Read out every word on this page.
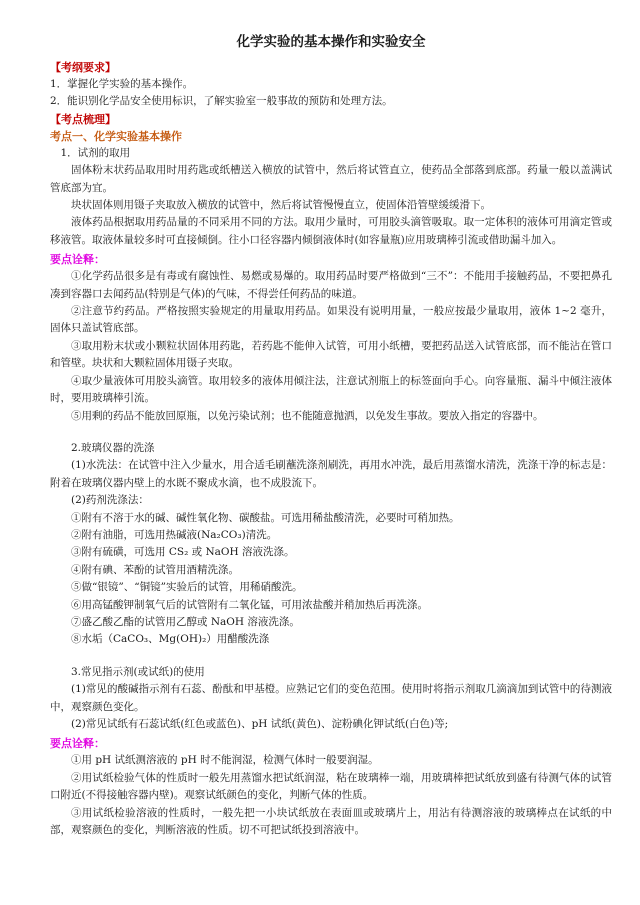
化学实验的基本操作和实验安全
【考纲要求】

1．掌握化学实验的基本操作。

2．能识别化学品安全使用标识，了解实验室一般事故的预防和处理方法。

【考点梳理】
考点一、化学实验基本操作

1．试剂的取用

固体粉末状药品取用时用药匙或纸槽送入横放的试管中，然后将试管直立，使药品全部落到底部。药量一般以盖满试管底部为宜。

块状固体则用镊子夹取放入横放的试管中，然后将试管慢慢直立，使固体沿管壁缓缓滑下。

液体药品根据取用药品量的不同采用不同的方法。取用少量时，可用胶头滴管吸取。取一定体积的液体可用滴定管或移液管。取液体量较多时可直接倾倒。往小口径容器内倾倒液体时(如容量瓶)应用玻璃棒引流或借助漏斗加入。

要点诠释：

①化学药品很多是有毒或有腐蚀性、易燃或易爆的。取用药品时要严格做到“三不”：不能用手接触药品，不要把鼻孔凑到容器口去闻药品(特别是气体)的气味，不得尝任何药品的味道。

②注意节约药品。严格按照实验规定的用量取用药品。如果没有说明用量，一般应按最少量取用，液体 1~2 毫升，固体只盖试管底部。

③取用粉末状或小颗粒状固体用药匙，若药匙不能伸入试管，可用小纸槽，要把药品送入试管底部，而不能沾在管口和管壁。块状和大颗粒固体用镊子夹取。

④取少量液体可用胶头滴管。取用较多的液体用倾注法，注意试剂瓶上的标签面向手心。向容量瓶、漏斗中倾注液体时，要用玻璃棒引流。

⑤用剩的药品不能放回原瓶，以免污染试剂；也不能随意抛洒，以免发生事故。要放入指定的容器中。

2.玻璃仪器的洗涤

(1)水洗法：在试管中注入少量水，用合适毛刷蘸洗涤剂刷洗，再用水冲洗，最后用蒸馏水清洗，洗涤干净的标志是：附着在玻璃仪器内壁上的水既不聚成水滴，也不成股流下。

(2)药剂洗涤法：

①附有不溶于水的碱、碱性氧化物、碳酸盐。可选用稀盐酸清洗，必要时可稍加热。

②附有油脂，可选用热碱液(Na₂CO₃)清洗。

③附有硫磺，可选用 CS₂ 或 NaOH 溶液洗涤。

④附有碘、苯酚的试管用酒精洗涤。

⑤做“银镜”、“铜镜”实验后的试管，用稀硝酸洗。

⑥用高锰酸钾制氧气后的试管附有二氧化锰，可用浓盐酸并稍加热后再洗涤。

⑦盛乙酸乙酯的试管用乙醇或 NaOH 溶液洗涤。

⑧水垢（CaCO₃、Mg(OH)₂）用醋酸洗涤

3.常见指示剂(或试纸)的使用

(1)常见的酸碱指示剂有石蕊、酚酞和甲基橙。应熟记它们的变色范围。使用时将指示剂取几滴滴加到试管中的待测液中，观察颜色变化。

(2)常见试纸有石蕊试纸(红色或蓝色)、pH 试纸(黄色)、淀粉碘化钾试纸(白色)等;

要点诠释：

①用 pH 试纸测溶液的 pH 时不能润湿，检测气体时一般要润湿。

②用试纸检验气体的性质时一般先用蒸馏水把试纸润湿，粘在玻璃棒一端，用玻璃棒把试纸放到盛有待测气体的试管口附近(不得接触容器内壁)。观察试纸颜色的变化，判断气体的性质。

③用试纸检验溶液的性质时，一般先把一小块试纸放在表面皿或玻璃片上，用沾有待测溶液的玻璃棒点在试纸的中部，观察颜色的变化，判断溶液的性质。切不可把试纸投到溶液中。
